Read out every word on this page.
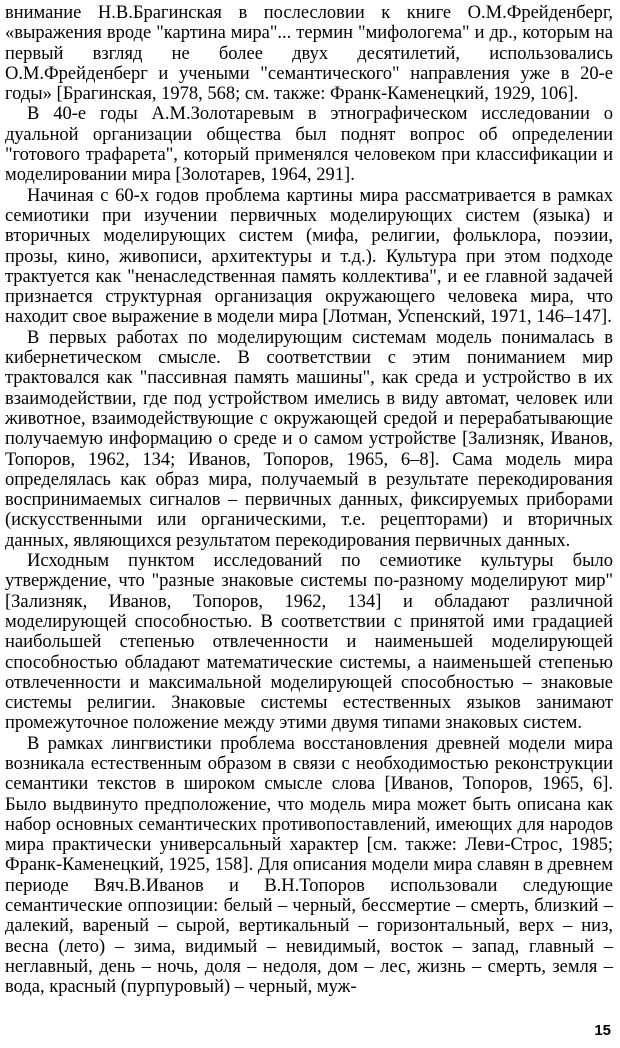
внимание Н.В.Брагинская в послесловии к книге О.М.Фрейденберг, «выражения вроде "картина мира"... термин "мифологема" и др., которым на первый взгляд не более двух десятилетий, использовались О.М.Фрейденберг и учеными "семантического" направления уже в 20-е годы» [Брагинская, 1978, 568; см. также: Франк-Каменецкий, 1929, 106].

В 40-е годы А.М.Золотаревым в этнографическом исследовании о дуальной организации общества был поднят вопрос об определении "готового трафарета", который применялся человеком при классификации и моделировании мира [Золотарев, 1964, 291].

Начиная с 60-х годов проблема картины мира рассматривается в рамках семиотики при изучении первичных моделирующих систем (языка) и вторичных моделирующих систем (мифа, религии, фольклора, поэзии, прозы, кино, живописи, архитектуры и т.д.). Культура при этом подходе трактуется как "ненаследственная память коллектива", и ее главной задачей признается структурная организация окружающего человека мира, что находит свое выражение в модели мира [Лотман, Успенский, 1971, 146–147].

В первых работах по моделирующим системам модель понималась в кибернетическом смысле. В соответствии с этим пониманием мир трактовался как "пассивная память машины", как среда и устройство в их взаимодействии, где под устройством имелись в виду автомат, человек или животное, взаимодействующие с окружающей средой и перерабатывающие получаемую информацию о среде и о самом устройстве [Зализняк, Иванов, Топоров, 1962, 134; Иванов, Топоров, 1965, 6–8]. Сама модель мира определялась как образ мира, получаемый в результате перекодирования воспринимаемых сигналов – первичных данных, фиксируемых приборами (искусственными или органическими, т.е. рецепторами) и вторичных данных, являющихся результатом перекодирования первичных данных.

Исходным пунктом исследований по семиотике культуры было утверждение, что "разные знаковые системы по-разному моделируют мир" [Зализняк, Иванов, Топоров, 1962, 134] и обладают различной моделирующей способностью. В соответствии с принятой ими градацией наибольшей степенью отвлеченности и наименьшей моделирующей способностью обладают математические системы, а наименьшей степенью отвлеченности и максимальной моделирующей способностью – знаковые системы религии. Знаковые системы естественных языков занимают промежуточное положение между этими двумя типами знаковых систем.

В рамках лингвистики проблема восстановления древней модели мира возникала естественным образом в связи с необходимостью реконструкции семантики текстов в широком смысле слова [Иванов, Топоров, 1965, 6]. Было выдвинуто предположение, что модель мира может быть описана как набор основных семантических противопоставлений, имеющих для народов мира практически универсальный характер [см. также: Леви-Строс, 1985; Франк-Каменецкий, 1925, 158]. Для описания модели мира славян в древнем периоде Вяч.В.Иванов и В.Н.Топоров использовали следующие семантические оппозиции: белый – черный, бессмертие – смерть, близкий – далекий, вареный – сырой, вертикальный – горизонтальный, верх – низ, весна (лето) – зима, видимый – невидимый, восток – запад, главный – неглавный, день – ночь, доля – недоля, дом – лес, жизнь – смерть, земля – вода, красный (пурпуровый) – черный, муж-

15
